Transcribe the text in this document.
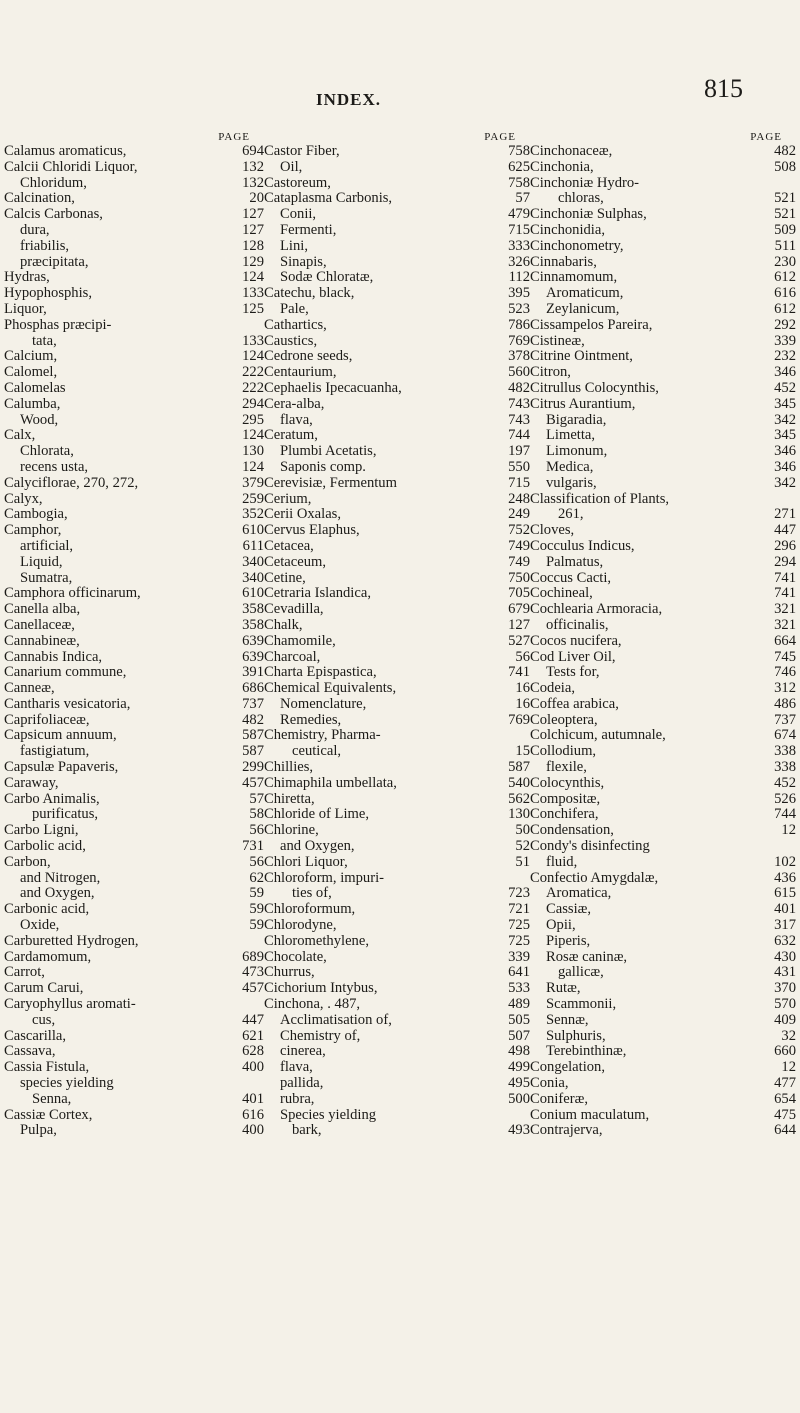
INDEX.	815
PAGE
Calamus aromaticus,	694
Calcii Chloridi Liquor,	132
Chloridum,	132
Calcination,	20
Calcis Carbonas,	127
dura,	127
friabilis,	128
præcipitata,	129
Hydras,	124
Hypophosphis,	133
Liquor,	125
Phosphas præcipi-
tata,	133
Calcium,	124
Calomel,	222
Calomelas	222
Calumba,	294
Wood,	295
Calx,	124
Chlorata,	130
recens usta,	124
Calyciflorae, 270, 272,	379
Calyx,	259
Cambogia,	352
Camphor,	610
artificial,	611
Liquid,	340
Sumatra,	340
Camphora officinarum,	610
Canella alba,	358
Canellaceæ,	358
Cannabineæ,	639
Cannabis Indica,	639
Canarium commune,	391
Canneæ,	686
Cantharis vesicatoria,	737
Caprifoliaceæ,	482
Capsicum annuum,	587
fastigiatum,	587
Capsulæ Papaveris,	299
Caraway,	457
Carbo Animalis,	57
purificatus,	58
Carbo Ligni,	56
Carbolic acid,	731
Carbon,	56
and Nitrogen,	62
and Oxygen,	59
Carbonic acid,	59
Oxide,	59
Carburetted Hydrogen,
Cardamomum,	689
Carrot,	473
Carum Carui,	457
Caryophyllus aromati-
cus,	447
Cascarilla,	621
Cassava,	628
Cassia Fistula,	400
species yielding
Senna,	401
Cassiæ Cortex,	616
Pulpa,	400
PAGE
Castor Fiber,	758
Oil,	625
Castoreum,	758
Cataplasma Carbonis,	57
Conii,	479
Fermenti,	715
Lini,	333
Sinapis,	326
Sodæ Chloratæ,	112
Catechu, black,	395
Pale,	523
Cathartics,	786
Caustics,	769
Cedrone seeds,	378
Centaurium,	560
Cephaelis Ipecacuanha,	482
Cera-alba,	743
flava,	743
Ceratum,	744
Plumbi Acetatis,	197
Saponis comp.	550
Cerevisiæ, Fermentum	715
Cerium,	248
Cerii Oxalas,	249
Cervus Elaphus,	752
Cetacea,	749
Cetaceum,	749
Cetine,	750
Cetraria Islandica,	705
Cevadilla,	679
Chalk,	127
Chamomile,	527
Charcoal,	56
Charta Epispastica,	741
Chemical Equivalents,	16
Nomenclature,	16
Remedies,	769
Chemistry, Pharma-
ceutical,	15
Chillies,	587
Chimaphila umbellata,	540
Chiretta,	562
Chloride of Lime,	130
Chlorine,	50
and Oxygen,	52
Chlori Liquor,	51
Chloroform, impuri-
ties of,	723
Chloroformum,	721
Chlorodyne,	725
Chloromethylene,	725
Chocolate,	339
Churrus,	641
Cichorium Intybus,	533
Cinchona, . 487,	489
Acclimatisation of,	505
Chemistry of,	507
cinerea,	498
flava,	499
pallida,	495
rubra,	500
Species yielding
bark,	493
PAGE
Cinchonaceæ,	482
Cinchonia,	508
Cinchoniæ Hydro-
chloras,	521
Cinchoniæ Sulphas,	521
Cinchonidia,	509
Cinchonometry,	511
Cinnabaris,	230
Cinnamomum,	612
Aromaticum,	616
Zeylanicum,	612
Cissampelos Pareira,	292
Cistineæ,	339
Citrine Ointment,	232
Citron,	346
Citrullus Colocynthis,	452
Citrus Aurantium,	345
Bigaradia,	342
Limetta,	345
Limonum,	346
Medica,	346
vulgaris,	342
Classification of Plants,
261,	271
Cloves,	447
Cocculus Indicus,	296
Palmatus,	294
Coccus Cacti,	741
Cochineal,	741
Cochlearia Armoracia,	321
officinalis,	321
Cocos nucifera,	664
Cod Liver Oil,	745
Tests for,	746
Codeia,	312
Coffea arabica,	486
Coleoptera,	737
Colchicum, autumnale,	674
Collodium,	338
flexile,	338
Colocynthis,	452
Compositæ,	526
Conchifera,	744
Condensation,	12
Condy's disinfecting
fluid,	102
Confectio Amygdalæ,	436
Aromatica,	615
Cassiæ,	401
Opii,	317
Piperis,	632
Rosæ caninæ,	430
gallicæ,	431
Rutæ,	370
Scammonii,	570
Sennæ,	409
Sulphuris,	32
Terebinthinæ,	660
Congelation,	12
Conia,	477
Coniferæ,	654
Conium maculatum,	475
Contrajerva,	644
